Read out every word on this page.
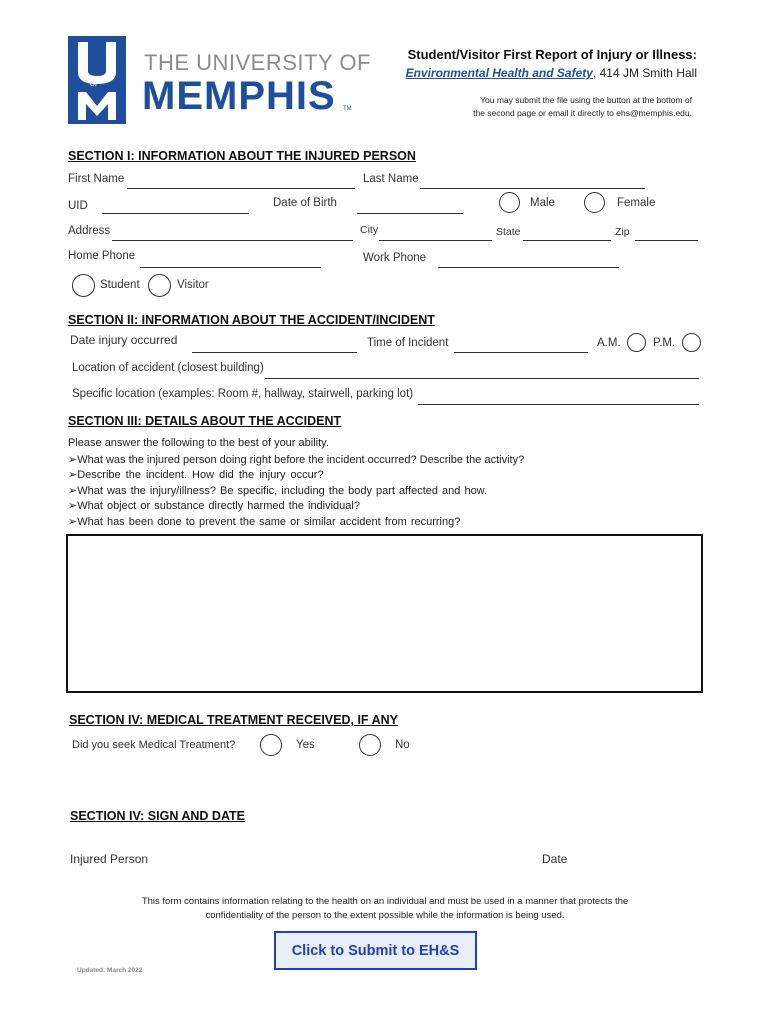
of
THE UNIVERSITY OF
MEMPHIS TM
Student/Visitor First Report of Injury or Illness:
Environmental Health and Safety, 414 JM Smith Hall
You may submit the file using the button at the bottom of
the second page or email it directly to ehs@memphis.edu.
SECTION I: INFORMATION ABOUT THE INJURED PERSON
First Name	Last Name
UID	Date of Birth	Male	Female
Address	City	State	Zip
Home Phone	Work Phone
Student	Visitor
SECTION II: INFORMATION ABOUT THE ACCIDENT/INCIDENT
Date injury occurred	Time of Incident	A.M.	P.M.
Location of accident (closest building)
Specific location (examples: Room #, hallway, stairwell, parking lot)
SECTION III: DETAILS ABOUT THE ACCIDENT
Please answer the following to the best of your ability.
➢What was the injured person doing right before the incident occurred? Describe the activity?
➢Describe the incident. How did the injury occur?
➢What was the injury/illness? Be specific, including the body part affected and how.
➢What object or substance directly harmed the individual?
➢What has been done to prevent the same or similar accident from recurring?
SECTION IV: MEDICAL TREATMENT RECEIVED, IF ANY
Did you seek Medical Treatment?	Yes	No
SECTION IV: SIGN AND DATE
Injured Person	Date
This form contains information relating to the health on an individual and must be used in a manner that protects the
confidentiality of the person to the extent possible while the information is being used.
Click to Submit to EH&S
Updated: March 2022
